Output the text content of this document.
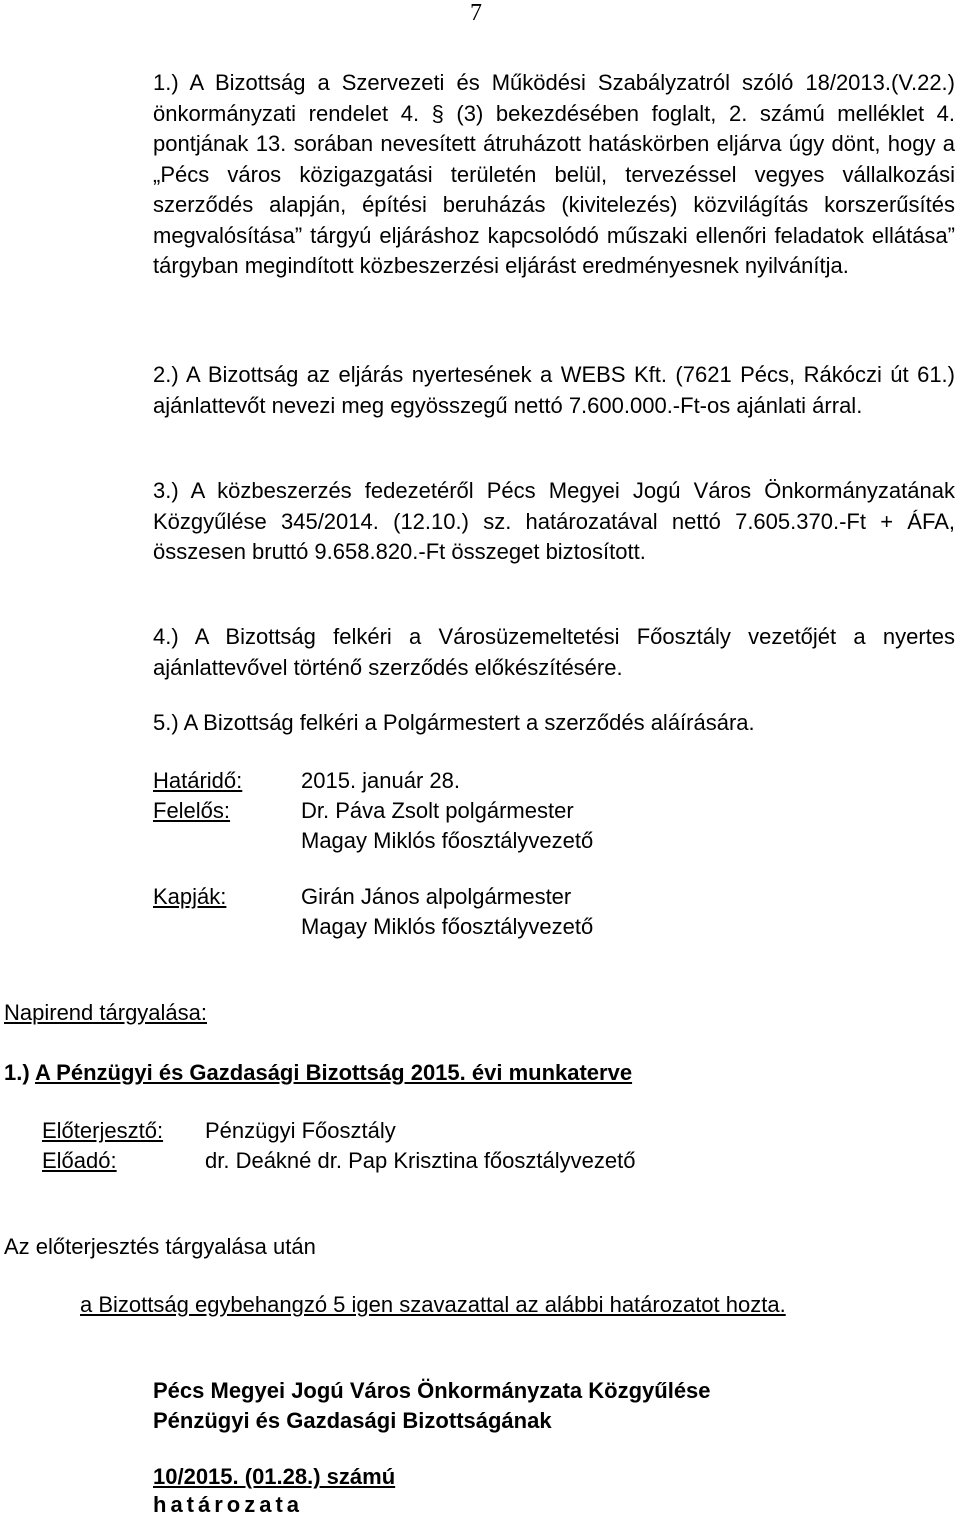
7
1.) A Bizottság a Szervezeti és Működési Szabályzatról szóló 18/2013.(V.22.) önkormányzati rendelet 4. § (3) bekezdésében foglalt, 2. számú melléklet 4. pontjának 13. sorában nevesített átruházott hatáskörben eljárva úgy dönt, hogy a „Pécs város közigazgatási területén belül, tervezéssel vegyes vállalkozási szerződés alapján, építési beruházás (kivitelezés) közvilágítás korszerűsítés megvalósítása” tárgyú eljáráshoz kapcsolódó műszaki ellenőri feladatok ellátása” tárgyban megindított közbeszerzési eljárást eredményesnek nyilvánítja.
2.) A Bizottság az eljárás nyertesének a WEBS Kft. (7621 Pécs, Rákóczi út 61.) ajánlattevőt nevezi meg egyösszegű nettó 7.600.000.-Ft-os ajánlati árral.
3.) A közbeszerzés fedezetéről Pécs Megyei Jogú Város Önkormányzatának Közgyűlése 345/2014. (12.10.) sz. határozatával nettó 7.605.370.-Ft + ÁFA, összesen bruttó 9.658.820.-Ft összeget biztosított.
4.) A Bizottság felkéri a Városüzemeltetési Főosztály vezetőjét a nyertes ajánlattevővel történő szerződés előkészítésére.
5.) A Bizottság felkéri a Polgármestert a szerződés aláírására.
Határidő:	2015. január 28.
Felelős:	Dr. Páva Zsolt polgármester
Magay Miklós főosztályvezető
Kapják:	Girán János alpolgármester
Magay Miklós főosztályvezető
Napirend tárgyalása:
1.) A Pénzügyi és Gazdasági Bizottság 2015. évi munkaterve
Előterjesztő: Pénzügyi Főosztály
Előadó:	dr. Deákné dr. Pap Krisztina főosztályvezető
Az előterjesztés tárgyalása után
a Bizottság egybehangzó 5 igen szavazattal az alábbi határozatot hozta.
Pécs Megyei Jogú Város Önkormányzata Közgyűlése
Pénzügyi és Gazdasági Bizottságának
10/2015. (01.28.) számú
határozata
